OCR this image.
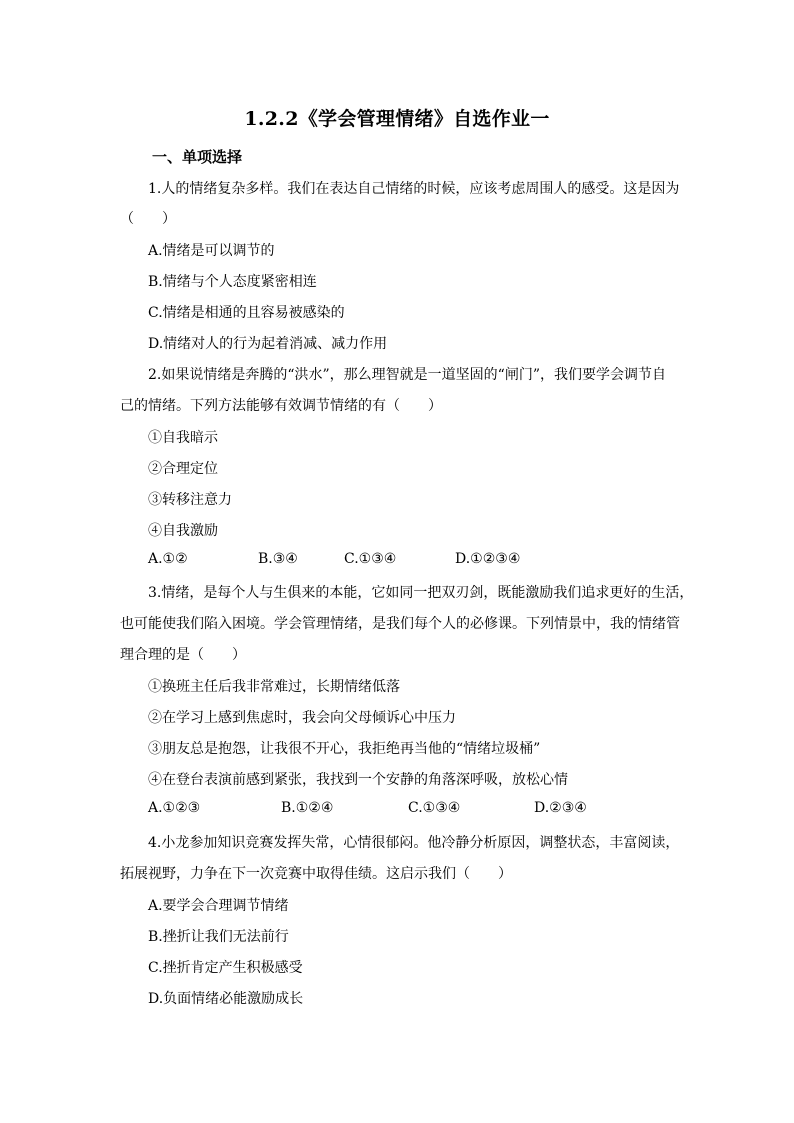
1.2.2《学会管理情绪》自选作业一
一、单项选择
1.人的情绪复杂多样。我们在表达自己情绪的时候，应该考虑周围人的感受。这是因为
（　　）
A.情绪是可以调节的
B.情绪与个人态度紧密相连
C.情绪是相通的且容易被感染的
D.情绪对人的行为起着消减、减力作用
2.如果说情绪是奔腾的“洪水”，那么理智就是一道坚固的“闸门”，我们要学会调节自
己的情绪。下列方法能够有效调节情绪的有（　　）
①自我暗示
②合理定位
③转移注意力
④自我激励
A.①②	B.③④	C.①③④	D.①②③④
3.情绪，是每个人与生俱来的本能，它如同一把双刃剑，既能激励我们追求更好的生活，
也可能使我们陷入困境。学会管理情绪，是我们每个人的必修课。下列情景中，我的情绪管
理合理的是（　　）
①换班主任后我非常难过，长期情绪低落
②在学习上感到焦虑时，我会向父母倾诉心中压力
③朋友总是抱怨，让我很不开心，我拒绝再当他的“情绪垃圾桶”
④在登台表演前感到紧张，我找到一个安静的角落深呼吸，放松心情
A.①②③	B.①②④	C.①③④	D.②③④
4.小龙参加知识竞赛发挥失常，心情很郁闷。他冷静分析原因，调整状态，丰富阅读，
拓展视野，力争在下一次竞赛中取得佳绩。这启示我们（　　）
A.要学会合理调节情绪
B.挫折让我们无法前行
C.挫折肯定产生积极感受
D.负面情绪必能激励成长
